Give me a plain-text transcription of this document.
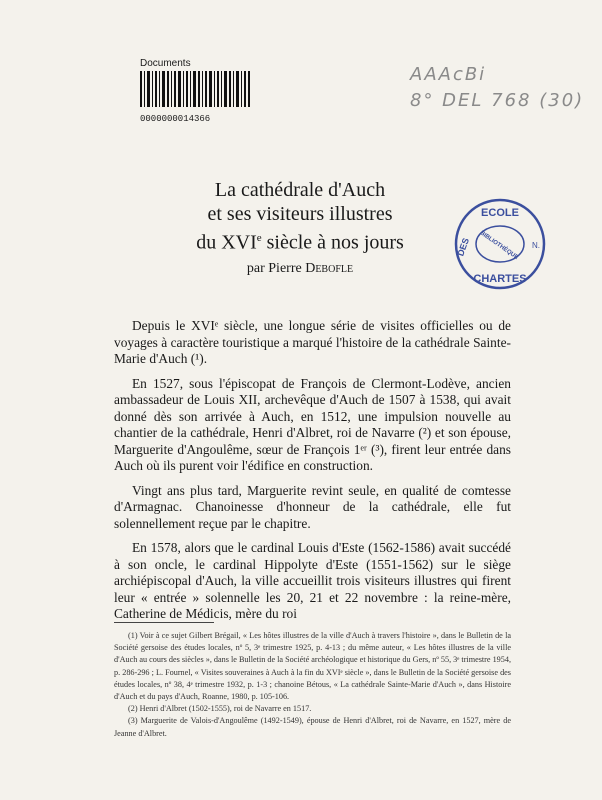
Documents
0000000014366
AAAcBi
8° DEL 768 (30)
ECOLE
BIBLIOTHÈQUE
DES
CHARTES
N.
La cathédrale d'Auch
et ses visiteurs illustres
du XVIe siècle à nos jours
par Pierre Debofle

Depuis le XVIᵉ siècle, une longue série de visites officielles ou de voyages à caractère touristique a marqué l'histoire de la cathédrale Sainte-Marie d'Auch (¹).

En 1527, sous l'épiscopat de François de Clermont-Lodève, ancien ambassadeur de Louis XII, archevêque d'Auch de 1507 à 1538, qui avait donné dès son arrivée à Auch, en 1512, une impulsion nouvelle au chantier de la cathédrale, Henri d'Albret, roi de Navarre (²) et son épouse, Marguerite d'Angoulême, sœur de François 1ᵉʳ (³), firent leur entrée dans Auch où ils purent voir l'édifice en construction.

Vingt ans plus tard, Marguerite revint seule, en qualité de comtesse d'Armagnac. Chanoinesse d'honneur de la cathédrale, elle fut solennellement reçue par le chapitre.

En 1578, alors que le cardinal Louis d'Este (1562-1586) avait succédé à son oncle, le cardinal Hippolyte d'Este (1551-1562) sur le siège archiépiscopal d'Auch, la ville accueillit trois visiteurs illustres qui firent leur « entrée » solennelle les 20, 21 et 22 novembre : la reine-mère, Catherine de Médicis, mère du roi

(1) Voir à ce sujet Gilbert Brégail, « Les hôtes illustres de la ville d'Auch à travers l'histoire », dans le Bulletin de la Société gersoise des études locales, nº 5, 3ᵉ trimestre 1925, p. 4-13 ; du même auteur, « Les hôtes illustres de la ville d'Auch au cours des siècles », dans le Bulletin de la Société archéologique et historique du Gers, nº 55, 3ᵉ trimestre 1954, p. 286-296 ; L. Fournel, « Visites souveraines à Auch à la fin du XVIᵉ siècle », dans le Bulletin de la Société gersoise des études locales, nº 38, 4ᵉ trimestre 1932, p. 1-3 ; chanoine Bétous, « La cathédrale Sainte-Marie d'Auch », dans Histoire d'Auch et du pays d'Auch, Roanne, 1980, p. 105-106.

(2) Henri d'Albret (1502-1555), roi de Navarre en 1517.

(3) Marguerite de Valois-d'Angoulême (1492-1549), épouse de Henri d'Albret, roi de Navarre, en 1527, mère de Jeanne d'Albret.
